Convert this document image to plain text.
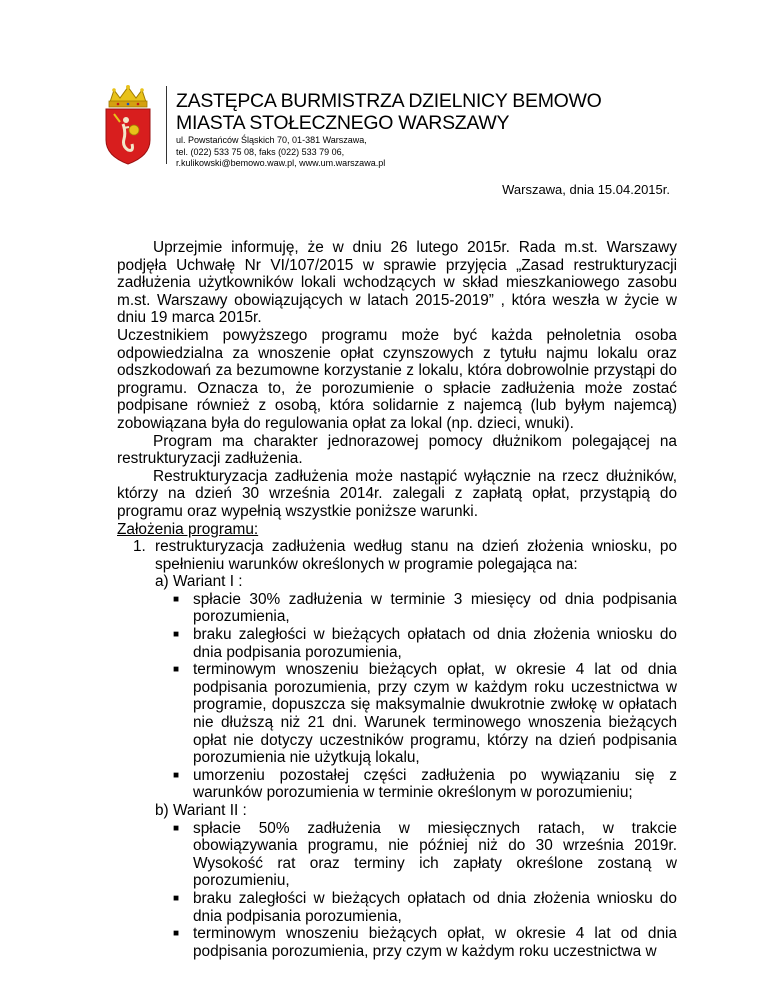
ZASTĘPCA BURMISTRZA DZIELNICY BEMOWO
MIASTA STOŁECZNEGO WARSZAWY
ul. Powstańców Śląskich 70, 01-381 Warszawa,
tel. (022) 533 75 08, faks (022) 533 79 06,
r.kulikowski@bemowo.waw.pl, www.um.warszawa.pl
Warszawa, dnia 15.04.2015r.

Uprzejmie informuję, że w dniu 26 lutego 2015r. Rada m.st. Warszawy podjęła Uchwałę Nr VI/107/2015 w sprawie przyjęcia „Zasad restrukturyzacji zadłużenia użytkowników lokali wchodzących w skład mieszkaniowego zasobu m.st. Warszawy obowiązujących w latach 2015-2019” , która weszła w życie w dniu 19 marca 2015r.

Uczestnikiem powyższego programu może być każda pełnoletnia osoba odpowiedzialna za wnoszenie opłat czynszowych z tytułu najmu lokalu oraz odszkodowań za bezumowne korzystanie z lokalu, która dobrowolnie przystąpi do programu. Oznacza to, że porozumienie o spłacie zadłużenia może zostać podpisane również z osobą, która solidarnie z najemcą (lub byłym najemcą) zobowiązana była do regulowania opłat za lokal (np. dzieci, wnuki).

Program ma charakter jednorazowej pomocy dłużnikom polegającej na restrukturyzacji zadłużenia.

Restrukturyzacja zadłużenia może nastąpić wyłącznie na rzecz dłużników, którzy na dzień 30 września 2014r. zalegali z zapłatą opłat, przystąpią do programu oraz wypełnią wszystkie poniższe warunki.

Założenia programu:

1. restrukturyzacja zadłużenia według stanu na dzień złożenia wniosku, po spełnieniu warunków określonych w programie polegająca na:
a) Wariant I :
■ spłacie 30% zadłużenia w terminie 3 miesięcy od dnia podpisania porozumienia,
■ braku zaległości w bieżących opłatach od dnia złożenia wniosku do dnia podpisania porozumienia,
■ terminowym wnoszeniu bieżących opłat, w okresie 4 lat od dnia podpisania porozumienia, przy czym w każdym roku uczestnictwa w programie, dopuszcza się maksymalnie dwukrotnie zwłokę w opłatach nie dłuższą niż 21 dni. Warunek terminowego wnoszenia bieżących opłat nie dotyczy uczestników programu, którzy na dzień podpisania porozumienia nie użytkują lokalu,
■ umorzeniu pozostałej części zadłużenia po wywiązaniu się z warunków porozumienia w terminie określonym w porozumieniu;
b) Wariant II :
■ spłacie 50% zadłużenia w miesięcznych ratach, w trakcie obowiązywania programu, nie później niż do 30 września 2019r. Wysokość rat oraz terminy ich zapłaty określone zostaną w porozumieniu,
■ braku zaległości w bieżących opłatach od dnia złożenia wniosku do dnia podpisania porozumienia,
■ terminowym wnoszeniu bieżących opłat, w okresie 4 lat od dnia podpisania porozumienia, przy czym w każdym roku uczestnictwa w
